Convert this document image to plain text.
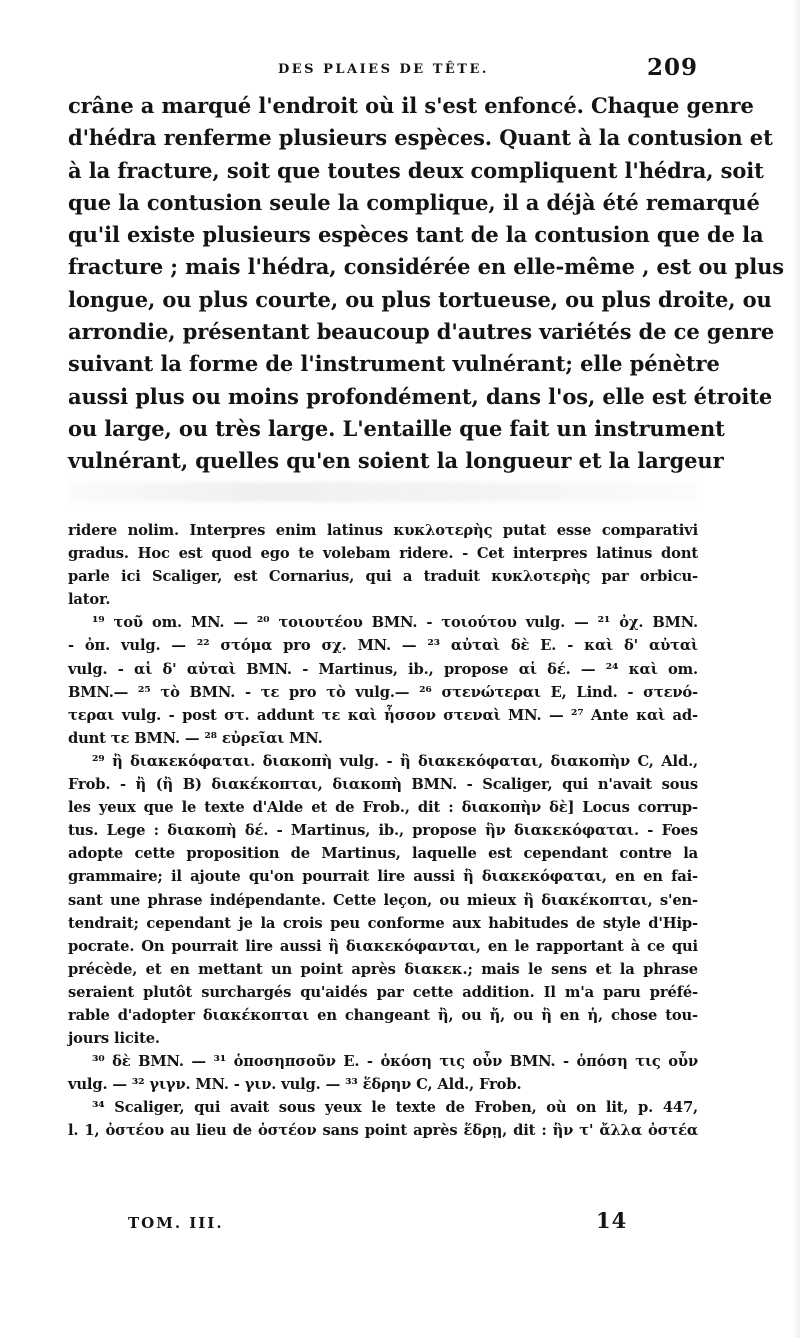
DES PLAIES DE TÊTE.	209
crâne a marqué l'endroit où il s'est enfoncé. Chaque genre
d'hédra renferme plusieurs espèces. Quant à la contusion et
à la fracture, soit que toutes deux compliquent l'hédra, soit
que la contusion seule la complique, il a déjà été remarqué
qu'il existe plusieurs espèces tant de la contusion que de la
fracture ; mais l'hédra, considérée en elle-même , est ou plus
longue, ou plus courte, ou plus tortueuse, ou plus droite, ou
arrondie, présentant beaucoup d'autres variétés de ce genre
suivant la forme de l'instrument vulnérant; elle pénètre
aussi plus ou moins profondément, dans l'os, elle est étroite
ou large, ou très large. L'entaille que fait un instrument
vulnérant, quelles qu'en soient la longueur et la largeur
ridere nolim. Interpres enim latinus κυκλοτερὴς putat esse comparativi
gradus. Hoc est quod ego te volebam ridere. - Cet interpres latinus dont
parle ici Scaliger, est Cornarius, qui a traduit κυκλοτερὴς par orbicu-
lator.
¹⁹ τοῦ om. MN. — ²⁰ τοιουτέου BMN. - τοιούτου vulg. — ²¹ ὀχ. BMN.
- ὀπ. vulg. — ²² στόμα pro σχ. MN. — ²³ αὐταὶ δὲ E. - καὶ δ' αὐταὶ
vulg. - αἱ δ' αὐταὶ BMN. - Martinus, ib., propose αἱ δέ. — ²⁴ καὶ om.
BMN.— ²⁵ τὸ BMN. - τε pro τὸ vulg.— ²⁶ στενώτεραι E, Lind. - στενό-
τεραι vulg. - post στ. addunt τε καὶ ἧσσον στεναὶ MN. — ²⁷ Ante καὶ ad-
dunt τε BMN. — ²⁸ εὐρεῖαι MN.
²⁹ ἢ διακεκόφαται. διακοπὴ vulg. - ἢ διακεκόφαται, διακοπὴν C, Ald.,
Frob. - ἢ (ἢ B) διακέκοπται, διακοπὴ BMN. - Scaliger, qui n'avait sous
les yeux que le texte d'Alde et de Frob., dit : διακοπὴν δὲ] Locus corrup-
tus. Lege : διακοπὴ δέ. - Martinus, ib., propose ἣν διακεκόφαται. - Foes
adopte cette proposition de Martinus, laquelle est cependant contre la
grammaire; il ajoute qu'on pourrait lire aussi ἢ διακεκόφαται, en en fai-
sant une phrase indépendante. Cette leçon, ou mieux ἢ διακέκοπται, s'en-
tendrait; cependant je la crois peu conforme aux habitudes de style d'Hip-
pocrate. On pourrait lire aussi ἢ διακεκόφανται, en le rapportant à ce qui
précède, et en mettant un point après διακεκ.; mais le sens et la phrase
seraient plutôt surchargés qu'aidés par cette addition. Il m'a paru préfé-
rable d'adopter διακέκοπται en changeant ἢ, ou ἤ, ou ἢ en ἡ, chose tou-
jours licite.
³⁰ δὲ BMN. — ³¹ ὁποσηπσοῦν E. - ὁκόση τις οὖν BMN. - ὁπόση τις οὖν
vulg. — ³² γιγν. MN. - γιν. vulg. — ³³ ἕδρην C, Ald., Frob.
³⁴ Scaliger, qui avait sous yeux le texte de Froben, où on lit, p. 447,
l. 1, ὀστέου au lieu de ὀστέον sans point après ἕδρῃ, dit : ἣν τ' ἄλλα ὀστέα
TOM. III.	14
